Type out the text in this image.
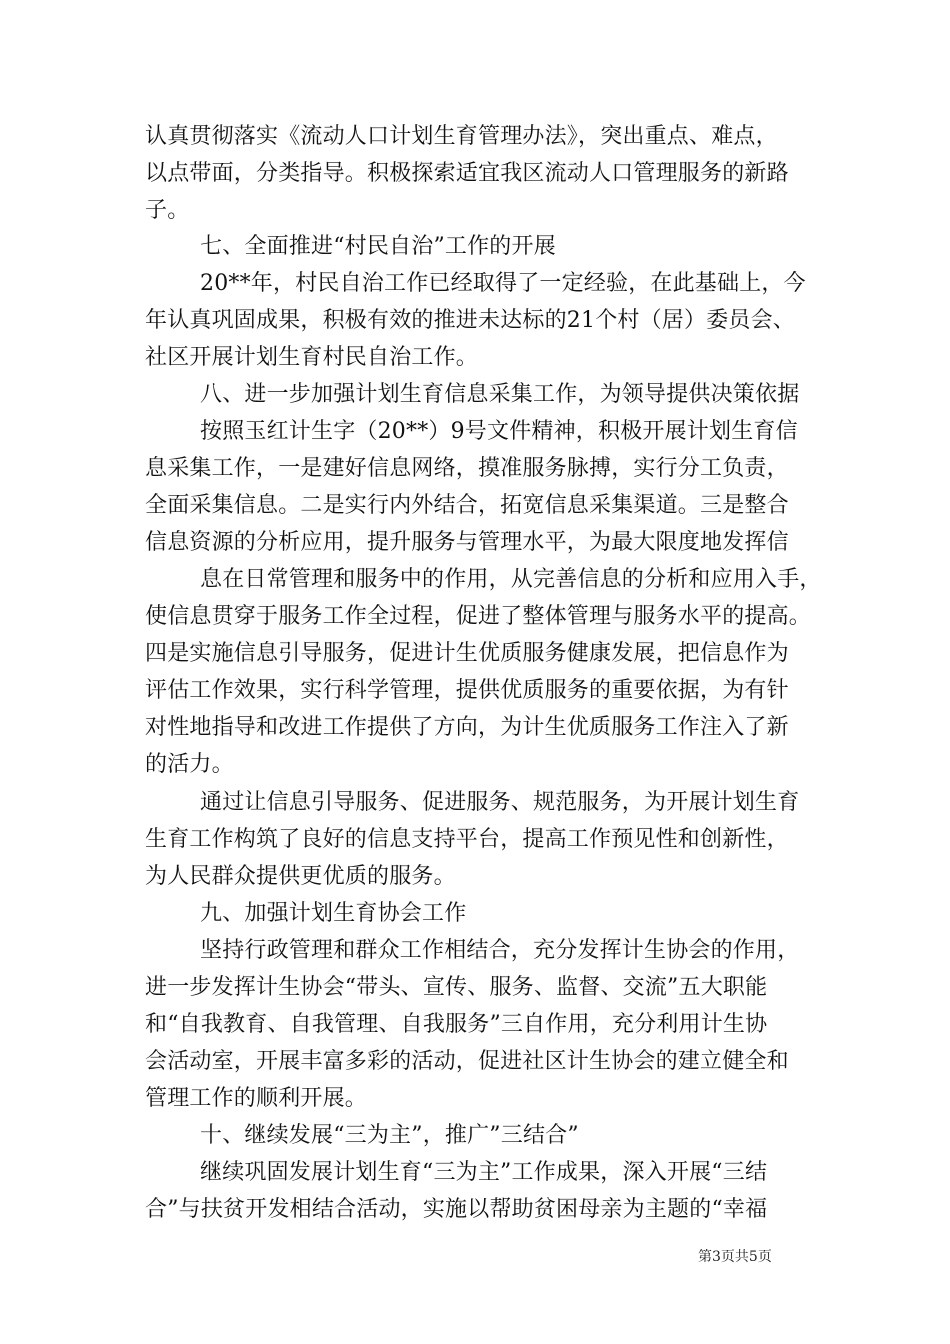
认真贯彻落实《流动人口计划生育管理办法》，突出重点、难点，
以点带面，分类指导。积极探索适宜我区流动人口管理服务的新路
子。
七、全面推进“村民自治”工作的开展
20**年，村民自治工作已经取得了一定经验，在此基础上，今
年认真巩固成果，积极有效的推进未达标的21个村（居）委员会、
社区开展计划生育村民自治工作。
八、进一步加强计划生育信息采集工作，为领导提供决策依据
按照玉红计生字（20**）9号文件精神，积极开展计划生育信
息采集工作，一是建好信息网络，摸准服务脉搏，实行分工负责，
全面采集信息。二是实行内外结合，拓宽信息采集渠道。三是整合
信息资源的分析应用，提升服务与管理水平，为最大限度地发挥信
息在日常管理和服务中的作用，从完善信息的分析和应用入手，
使信息贯穿于服务工作全过程，促进了整体管理与服务水平的提高。
四是实施信息引导服务，促进计生优质服务健康发展，把信息作为
评估工作效果，实行科学管理，提供优质服务的重要依据，为有针
对性地指导和改进工作提供了方向，为计生优质服务工作注入了新
的活力。
通过让信息引导服务、促进服务、规范服务，为开展计划生育
生育工作构筑了良好的信息支持平台，提高工作预见性和创新性，
为人民群众提供更优质的服务。
九、加强计划生育协会工作
坚持行政管理和群众工作相结合，充分发挥计生协会的作用，
进一步发挥计生协会“带头、宣传、服务、监督、交流”五大职能
和“自我教育、自我管理、自我服务”三自作用，充分利用计生协
会活动室，开展丰富多彩的活动，促进社区计生协会的建立健全和
管理工作的顺利开展。
十、继续发展“三为主”，推广”三结合”
继续巩固发展计划生育“三为主”工作成果，深入开展“三结
合”与扶贫开发相结合活动，实施以帮助贫困母亲为主题的“幸福
第3页共5页
